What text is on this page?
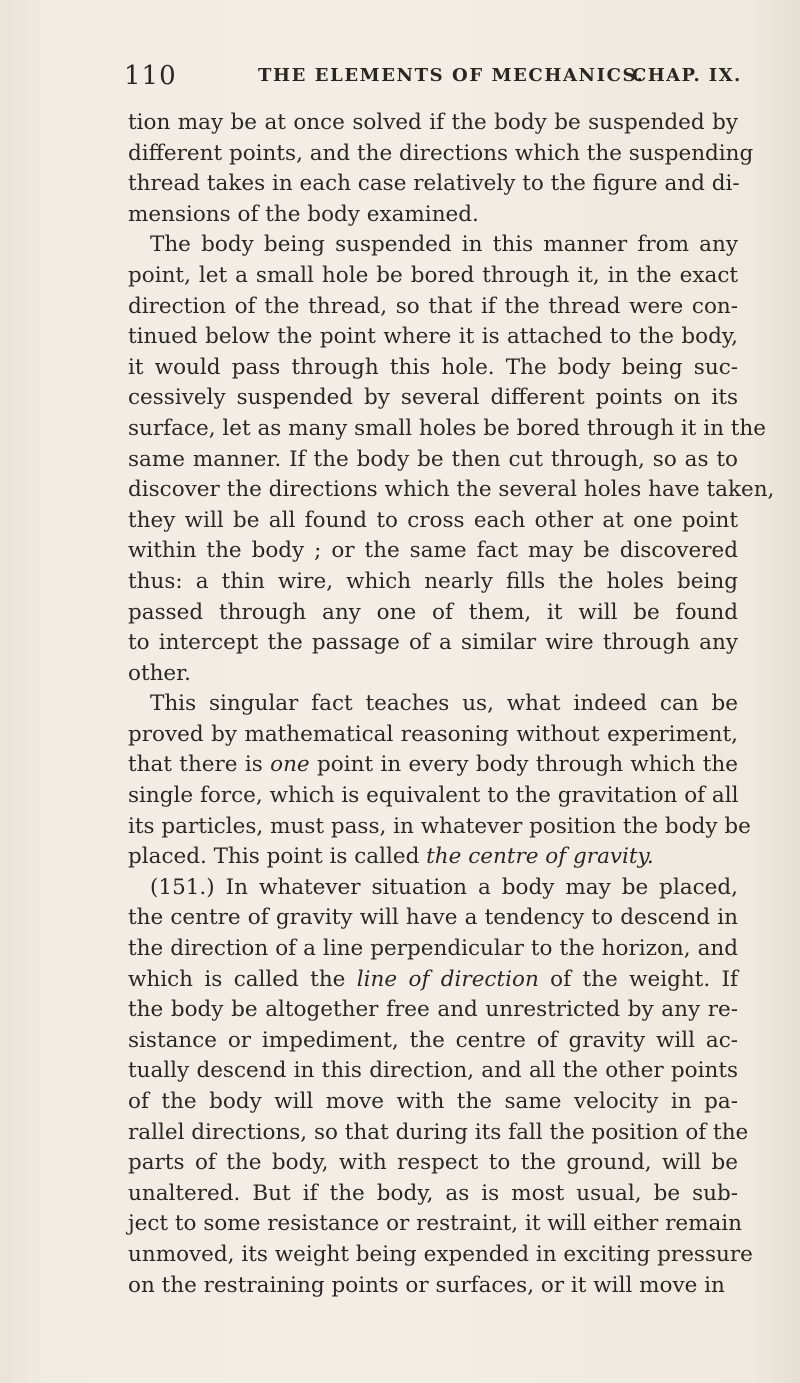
110	THE ELEMENTS OF MECHANICS.
CHAP. IX.
tion may be at once solved if the body be suspended by
different points, and the directions which the suspending
thread takes in each case relatively to the figure and di-
mensions of the body examined.
The body being suspended in this manner from any
point, let a small hole be bored through it, in the exact
direction of the thread, so that if the thread were con-
tinued below the point where it is attached to the body,
it would pass through this hole. The body being suc-
cessively suspended by several different points on its
surface, let as many small holes be bored through it in the
same manner. If the body be then cut through, so as to
discover the directions which the several holes have taken,
they will be all found to cross each other at one point
within the body ; or the same fact may be discovered
thus: a thin wire, which nearly fills the holes being
passed through any one of them, it will be found
to intercept the passage of a similar wire through any
other.
This singular fact teaches us, what indeed can be
proved by mathematical reasoning without experiment,
that there is one point in every body through which the
single force, which is equivalent to the gravitation of all
its particles, must pass, in whatever position the body be
placed. This point is called the centre of gravity.
(151.) In whatever situation a body may be placed,
the centre of gravity will have a tendency to descend in
the direction of a line perpendicular to the horizon, and
which is called the line of direction of the weight. If
the body be altogether free and unrestricted by any re-
sistance or impediment, the centre of gravity will ac-
tually descend in this direction, and all the other points
of the body will move with the same velocity in pa-
rallel directions, so that during its fall the position of the
parts of the body, with respect to the ground, will be
unaltered. But if the body, as is most usual, be sub-
ject to some resistance or restraint, it will either remain
unmoved, its weight being expended in exciting pressure
on the restraining points or surfaces, or it will move in
